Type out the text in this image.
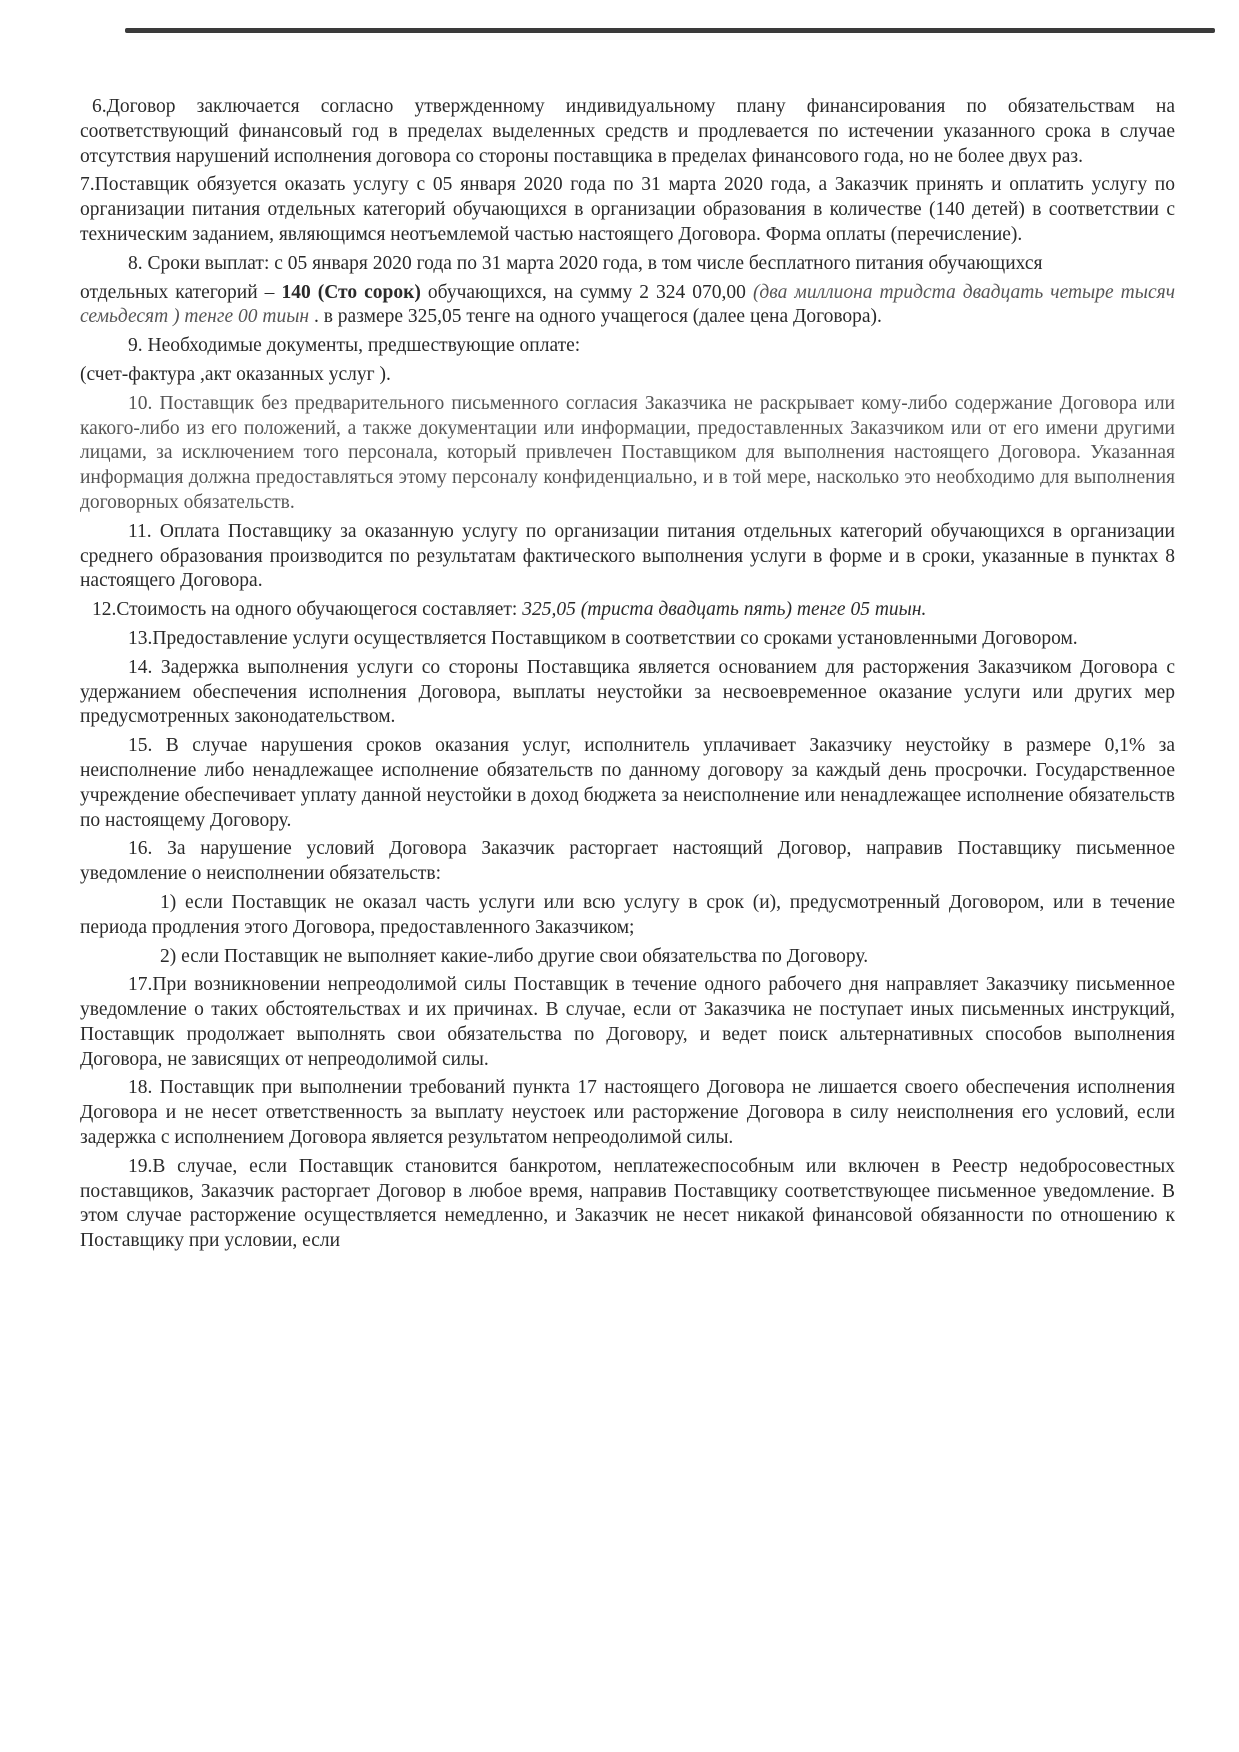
6.Договор заключается согласно утвержденному индивидуальному плану финансирования по обязательствам на соответствующий финансовый год в пределах выделенных средств и продлевается по истечении указанного срока в случае отсутствия нарушений исполнения договора со стороны поставщика в пределах финансового года, но не более двух раз.

7.Поставщик обязуется оказать услугу с 05 января 2020 года по 31 марта 2020 года, а Заказчик принять и оплатить услугу по организации питания отдельных категорий обучающихся в организации образования в количестве (140 детей) в соответствии с техническим заданием, являющимся неотъемлемой частью настоящего Договора. Форма оплаты (перечисление).

8. Сроки выплат: с 05 января 2020 года по 31 марта 2020 года, в том числе бесплатного питания обучающихся

отдельных категорий – 140 (Сто сорок) обучающихся, на сумму 2 324 070,00 (два миллиона тридста двадцать четыре тысяч семьдесят ) тенге 00 тиын . в размере 325,05 тенге на одного учащегося (далее цена Договора).

9. Необходимые документы, предшествующие оплате:

(счет-фактура ,акт оказанных услуг ).

10. Поставщик без предварительного письменного согласия Заказчика не раскрывает кому-либо содержание Договора или какого-либо из его положений, а также документации или информации, предоставленных Заказчиком или от его имени другими лицами, за исключением того персонала, который привлечен Поставщиком для выполнения настоящего Договора. Указанная информация должна предоставляться этому персоналу конфиденциально, и в той мере, насколько это необходимо для выполнения договорных обязательств.

11. Оплата Поставщику за оказанную услугу по организации питания отдельных категорий обучающихся в организации среднего образования производится по результатам фактического выполнения услуги в форме и в сроки, указанные в пунктах 8 настоящего Договора.

12.Стоимость на одного обучающегося составляет: 325,05 (триста двадцать пять) тенге 05 тиын.

13.Предоставление услуги осуществляется Поставщиком в соответствии со сроками установленными Договором.

14. Задержка выполнения услуги со стороны Поставщика является основанием для расторжения Заказчиком Договора с удержанием обеспечения исполнения Договора, выплаты неустойки за несвоевременное оказание услуги или других мер предусмотренных законодательством.

15. В случае нарушения сроков оказания услуг, исполнитель уплачивает Заказчику неустойку в размере 0,1% за неисполнение либо ненадлежащее исполнение обязательств по данному договору за каждый день просрочки. Государственное учреждение обеспечивает уплату данной неустойки в доход бюджета за неисполнение или ненадлежащее исполнение обязательств по настоящему Договору.

16. За нарушение условий Договора Заказчик расторгает настоящий Договор, направив Поставщику письменное уведомление о неисполнении обязательств:

1) если Поставщик не оказал часть услуги или всю услугу в срок (и), предусмотренный Договором, или в течение периода продления этого Договора, предоставленного Заказчиком;

2) если Поставщик не выполняет какие-либо другие свои обязательства по Договору.

17.При возникновении непреодолимой силы Поставщик в течение одного рабочего дня направляет Заказчику письменное уведомление о таких обстоятельствах и их причинах. В случае, если от Заказчика не поступает иных письменных инструкций, Поставщик продолжает выполнять свои обязательства по Договору, и ведет поиск альтернативных способов выполнения Договора, не зависящих от непреодолимой силы.

18. Поставщик при выполнении требований пункта 17 настоящего Договора не лишается своего обеспечения исполнения Договора и не несет ответственность за выплату неустоек или расторжение Договора в силу неисполнения его условий, если задержка с исполнением Договора является результатом непреодолимой силы.

19.В случае, если Поставщик становится банкротом, неплатежеспособным или включен в Реестр недобросовестных поставщиков, Заказчик расторгает Договор в любое время, направив Поставщику соответствующее письменное уведомление. В этом случае расторжение осуществляется немедленно, и Заказчик не несет никакой финансовой обязанности по отношению к Поставщику при условии, если
